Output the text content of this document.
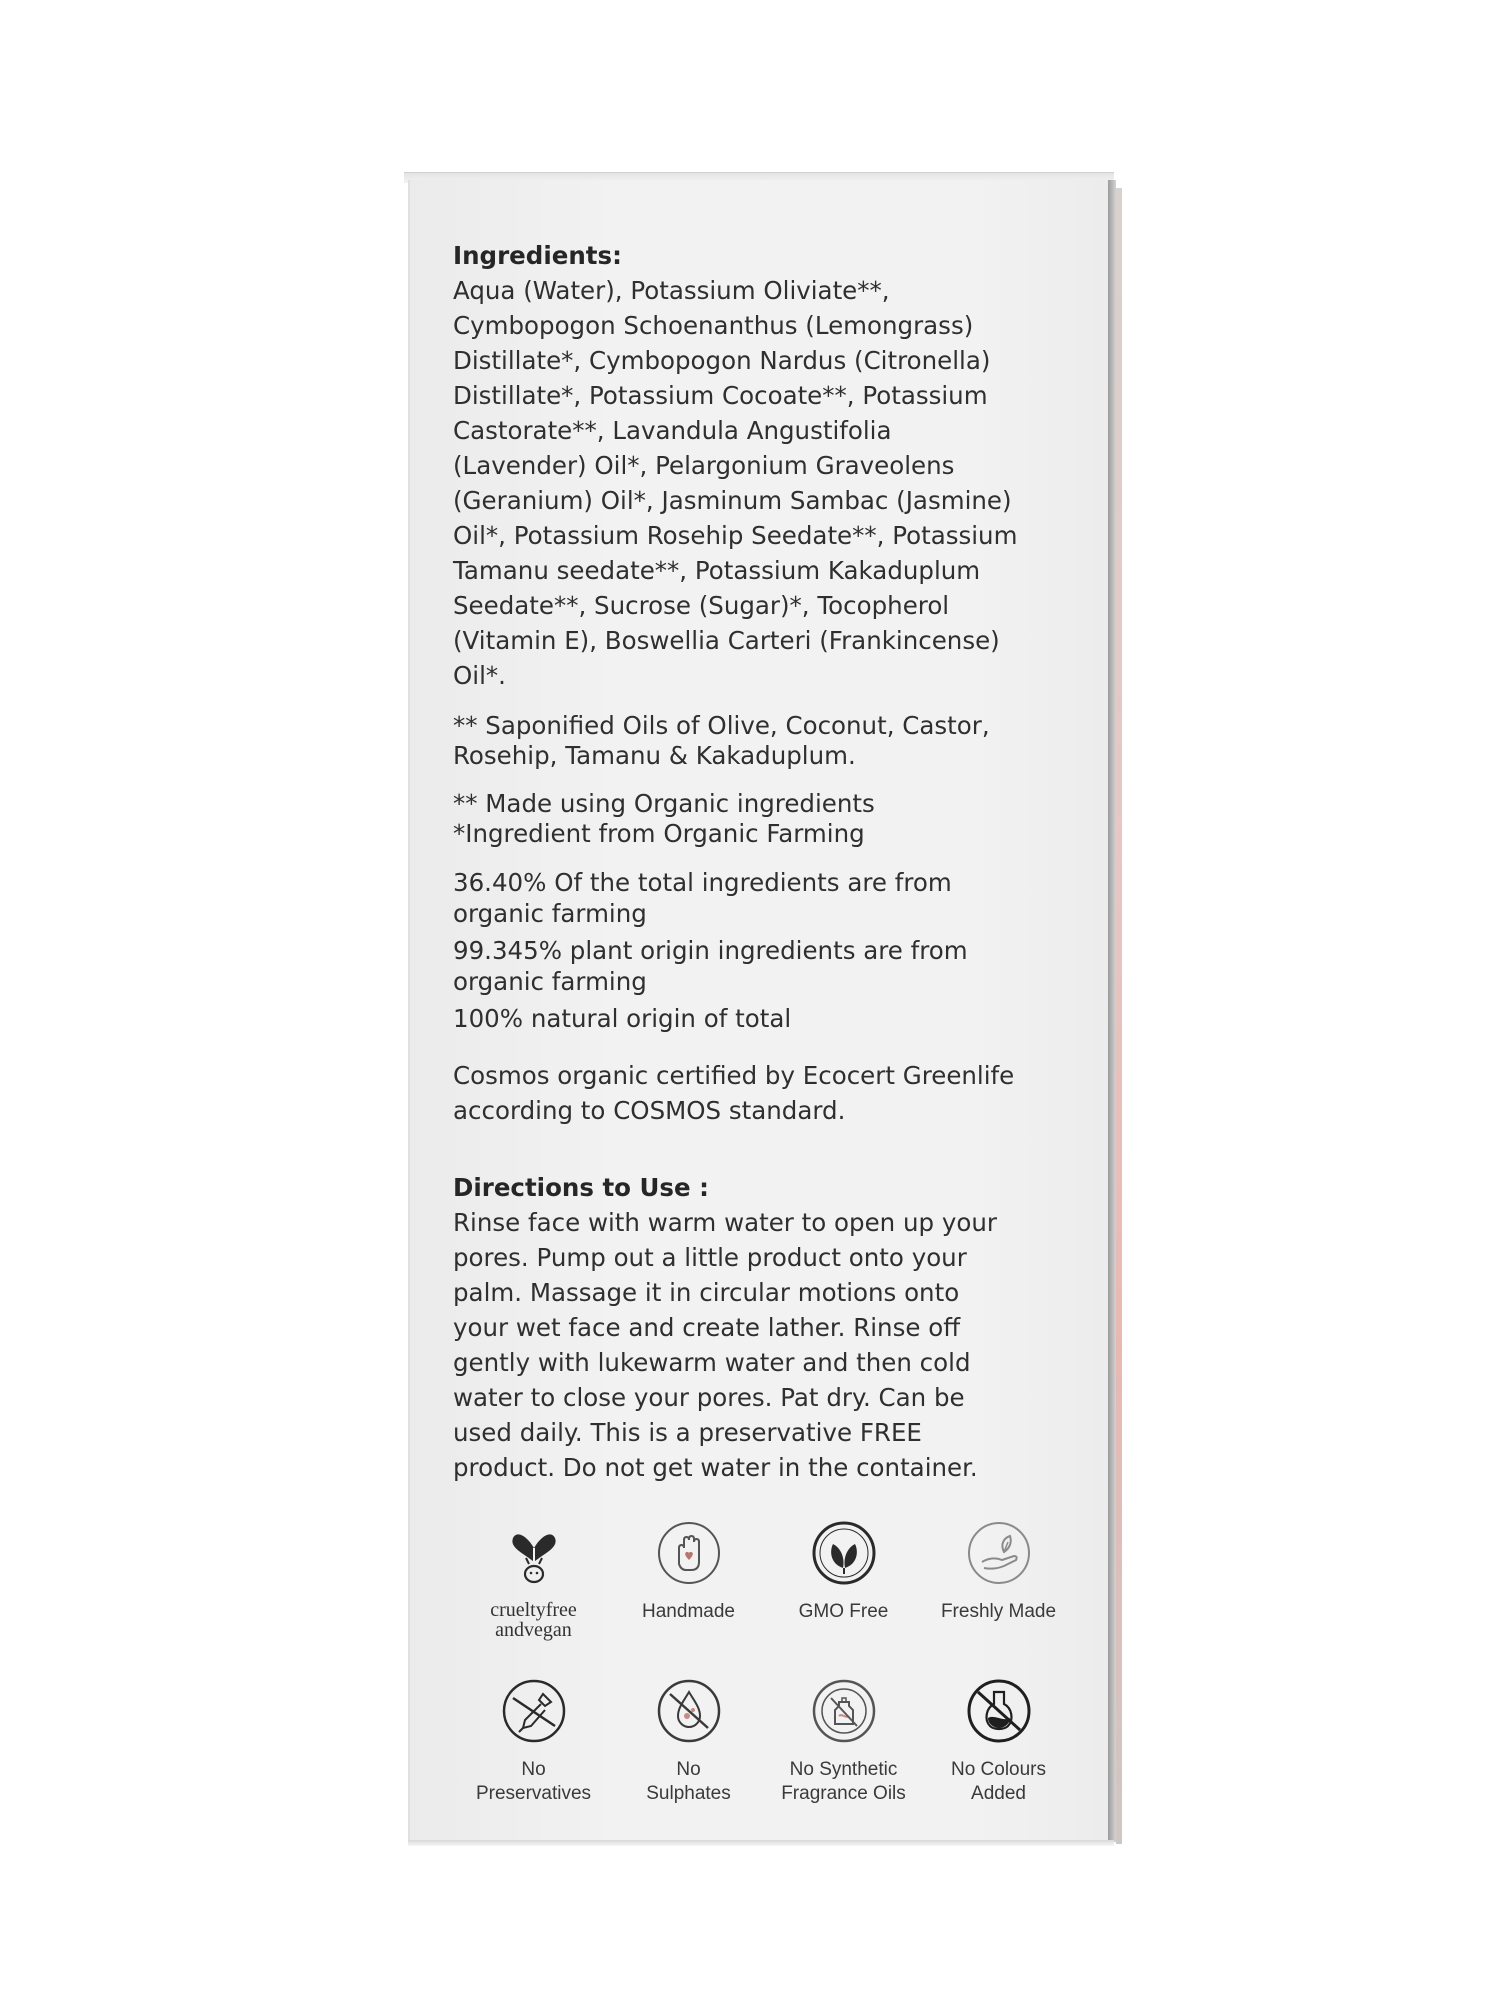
Ingredients:

Aqua (Water), Potassium Oliviate**,

Cymbopogon Schoenanthus (Lemongrass)

Distillate*, Cymbopogon Nardus (Citronella)

Distillate*, Potassium Cocoate**, Potassium

Castorate**, Lavandula Angustifolia

(Lavender) Oil*, Pelargonium Graveolens

(Geranium) Oil*, Jasminum Sambac (Jasmine)

Oil*, Potassium Rosehip Seedate**, Potassium

Tamanu seedate**, Potassium Kakaduplum

Seedate**, Sucrose (Sugar)*, Tocopherol

(Vitamin E), Boswellia Carteri (Frankincense)

Oil*.

** Saponified Oils of Olive, Coconut, Castor,

Rosehip, Tamanu & Kakaduplum.

** Made using Organic ingredients

*Ingredient from Organic Farming

36.40% Of the total ingredients are from

organic farming

99.345% plant origin ingredients are from

organic farming

100% natural origin of total

Cosmos organic certified by Ecocert Greenlife

according to COSMOS standard.

Directions to Use :

Rinse face with warm water to open up your

pores. Pump out a little product onto your

palm. Massage it in circular motions onto

your wet face and create lather. Rinse off

gently with lukewarm water and then cold

water to close your pores. Pat dry. Can be

used daily. This is a preservative FREE

product. Do not get water in the container.

crueltyfree
andvegan
Handmade	GMO Free	Freshly Made
No
Preservatives
No
Sulphates
No Synthetic
Fragrance Oils
No Colours
Added
